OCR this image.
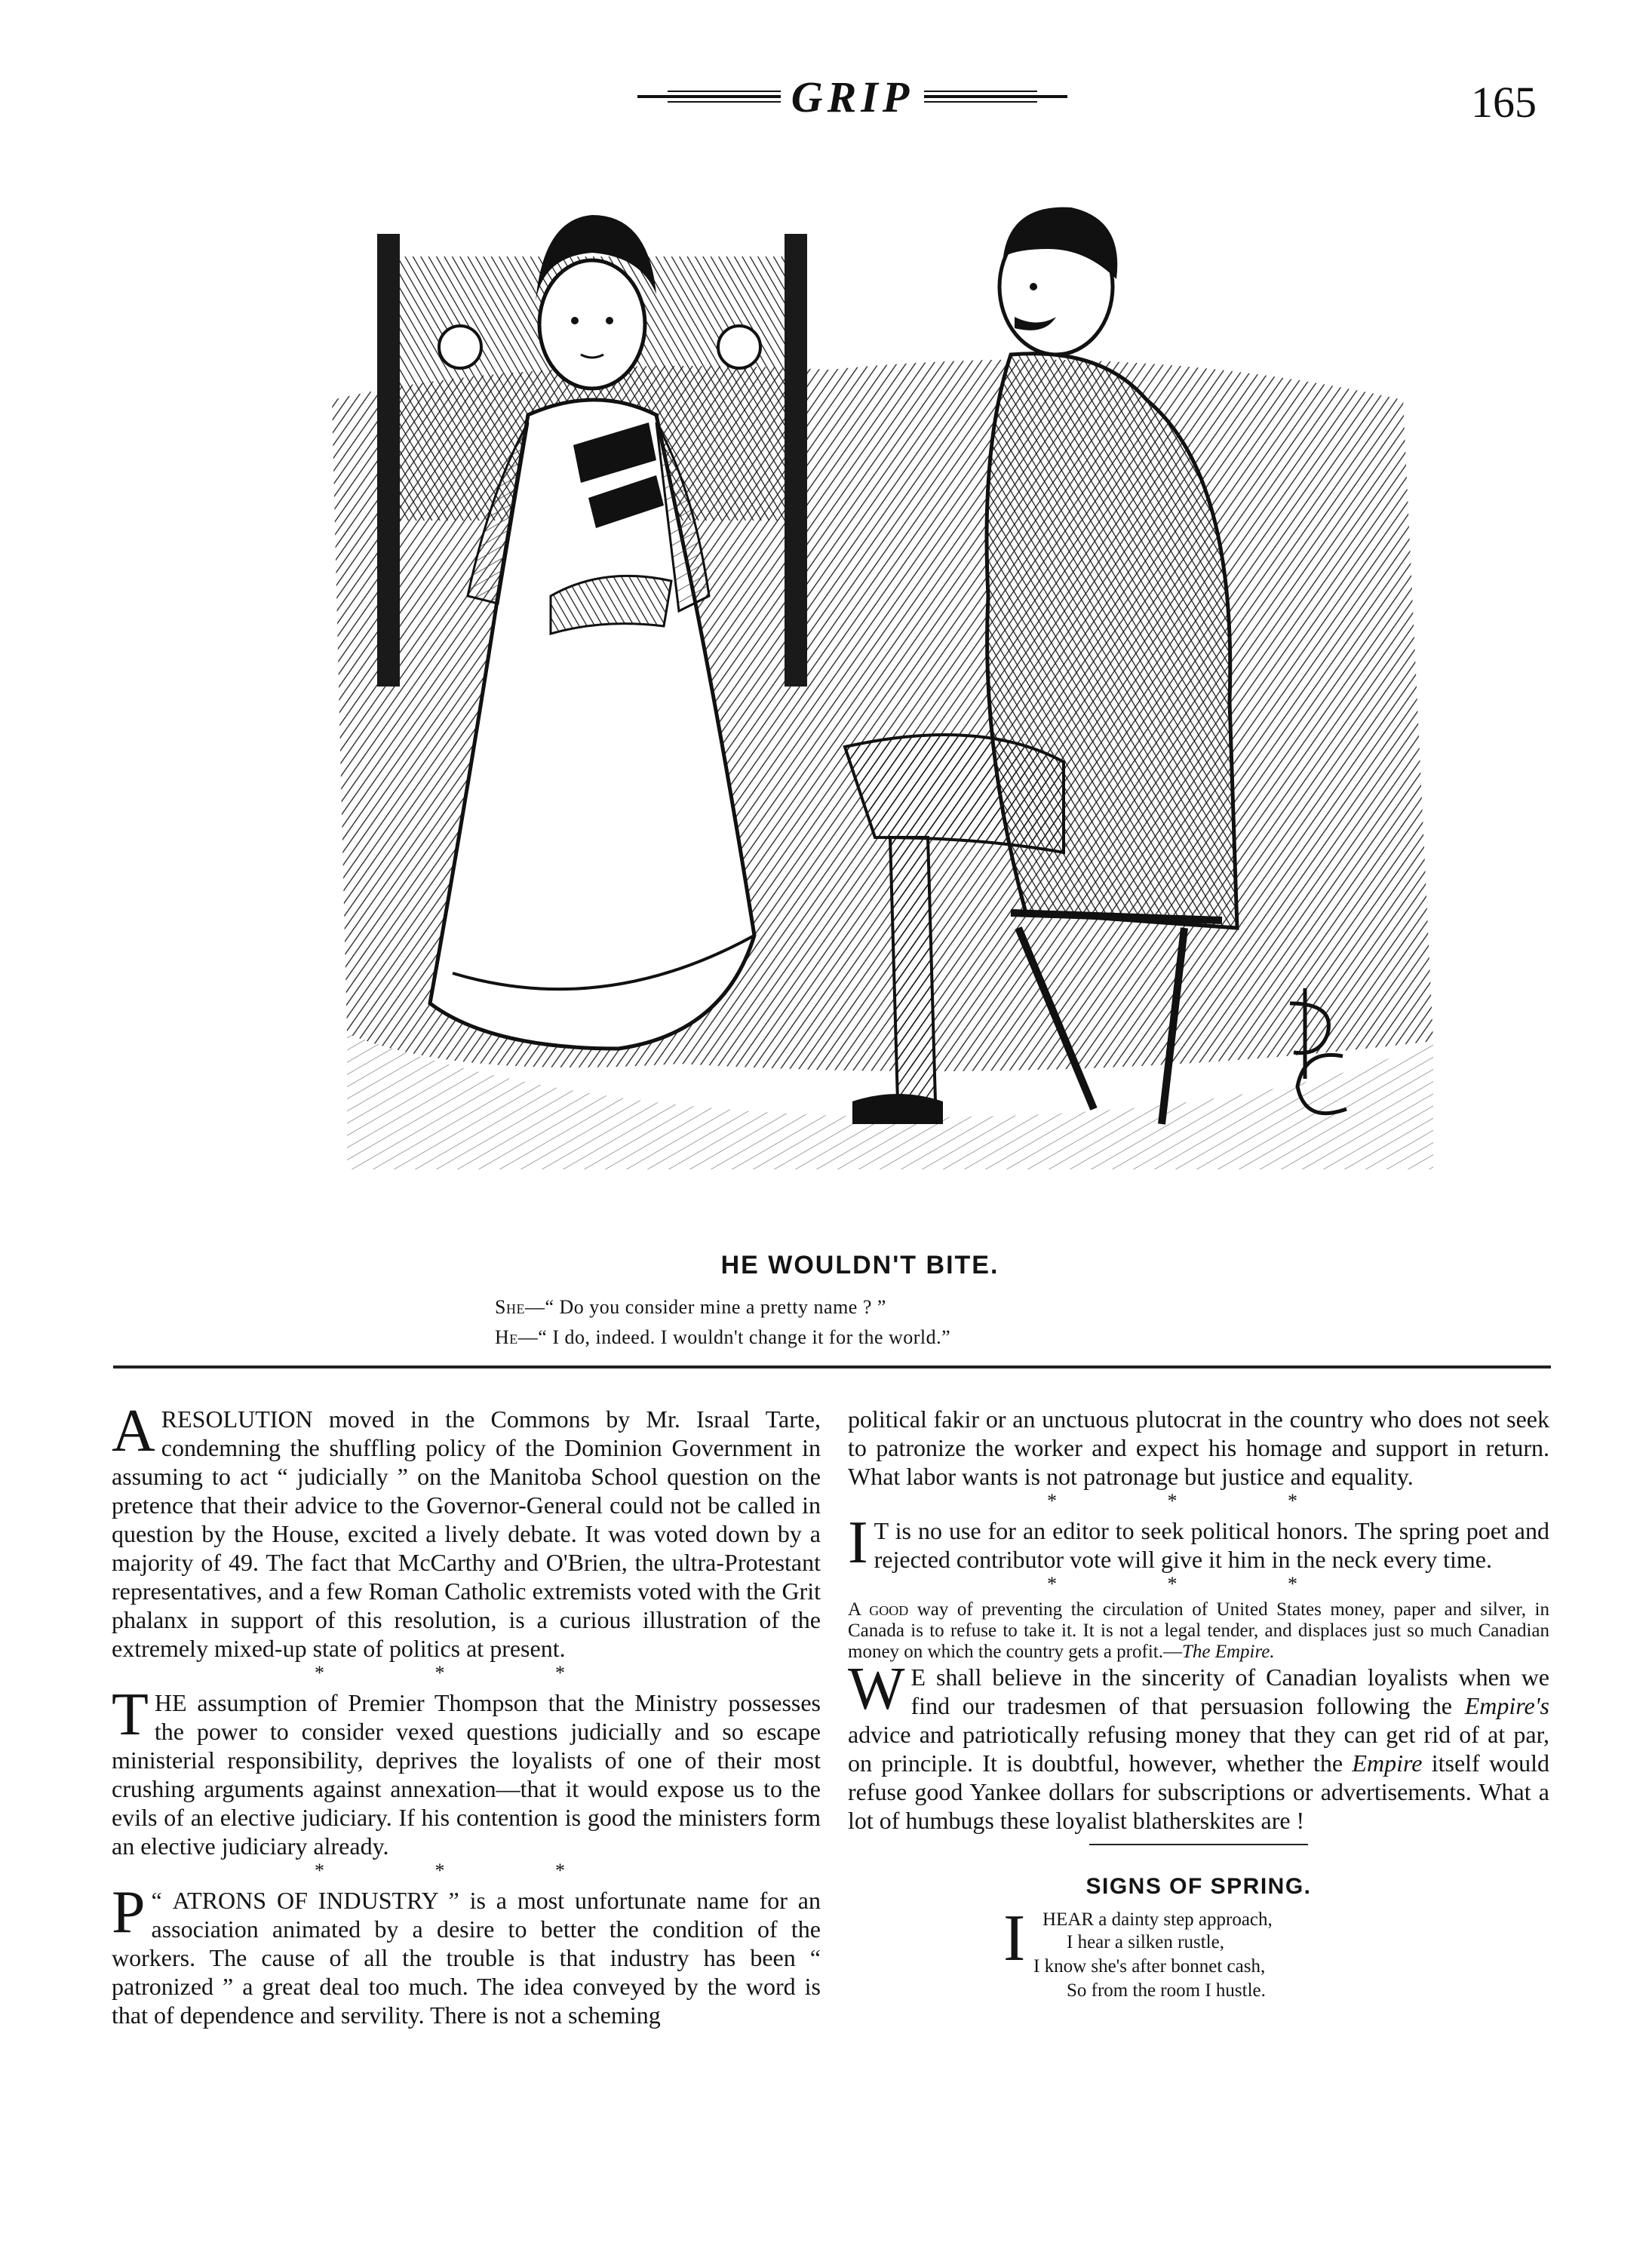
GRIP	165
HE WOULDN'T BITE.
She—“ Do you consider mine a pretty name ? ”
He—“ I do, indeed. I wouldn't change it for the world.”

ARESOLUTION moved in the Commons by Mr. Israal Tarte, condemning the shuffling policy of the Dominion Government in assuming to act “ judicially ” on the Manitoba School question on the pretence that their advice to the Governor-General could not be called in question by the House, excited a lively debate. It was voted down by a majority of 49. The fact that McCarthy and O'Brien, the ultra-Protestant representatives, and a few Roman Catholic extremists voted with the Grit phalanx in support of this resolution, is a curious illustration of the extremely mixed-up state of politics at present.

* * *

THE assumption of Premier Thompson that the Ministry possesses the power to consider vexed questions judicially and so escape ministerial responsibility, deprives the loyalists of one of their most crushing arguments against annexation—that it would expose us to the evils of an elective judiciary. If his contention is good the ministers form an elective judiciary already.

* * *

“
P ATRONS OF INDUSTRY ” is a most unfortunate name for an association animated by a desire to better the condition of the workers. The cause of all the trouble is that industry has been “ patronized ” a great deal too much. The idea conveyed by the word is that of dependence and servility. There is not a scheming

political fakir or an unctuous plutocrat in the country who does not seek to patronize the worker and expect his homage and support in return. What labor wants is not patronage but justice and equality.

* * *

I T is no use for an editor to seek political honors. The spring poet and rejected contributor vote will give it him in the neck every time.

* * *

A good way of preventing the circulation of United States money, paper and silver, in Canada is to refuse to take it. It is not a legal tender, and displaces just so much Canadian money on which the country gets a profit.—The Empire.

W E shall believe in the sincerity of Canadian loyalists when we find our tradesmen of that persuasion following the Empire's advice and patriotically refusing money that they can get rid of at par, on principle. It is doubtful, however, whether the Empire itself would refuse good Yankee dollars for subscriptions or advertisements. What a lot of humbugs these loyalist blatherskites are !

SIGNS OF SPRING.
I HEAR a dainty step approach,
I hear a silken rustle,
I know she's after bonnet cash,
So from the room I hustle.
